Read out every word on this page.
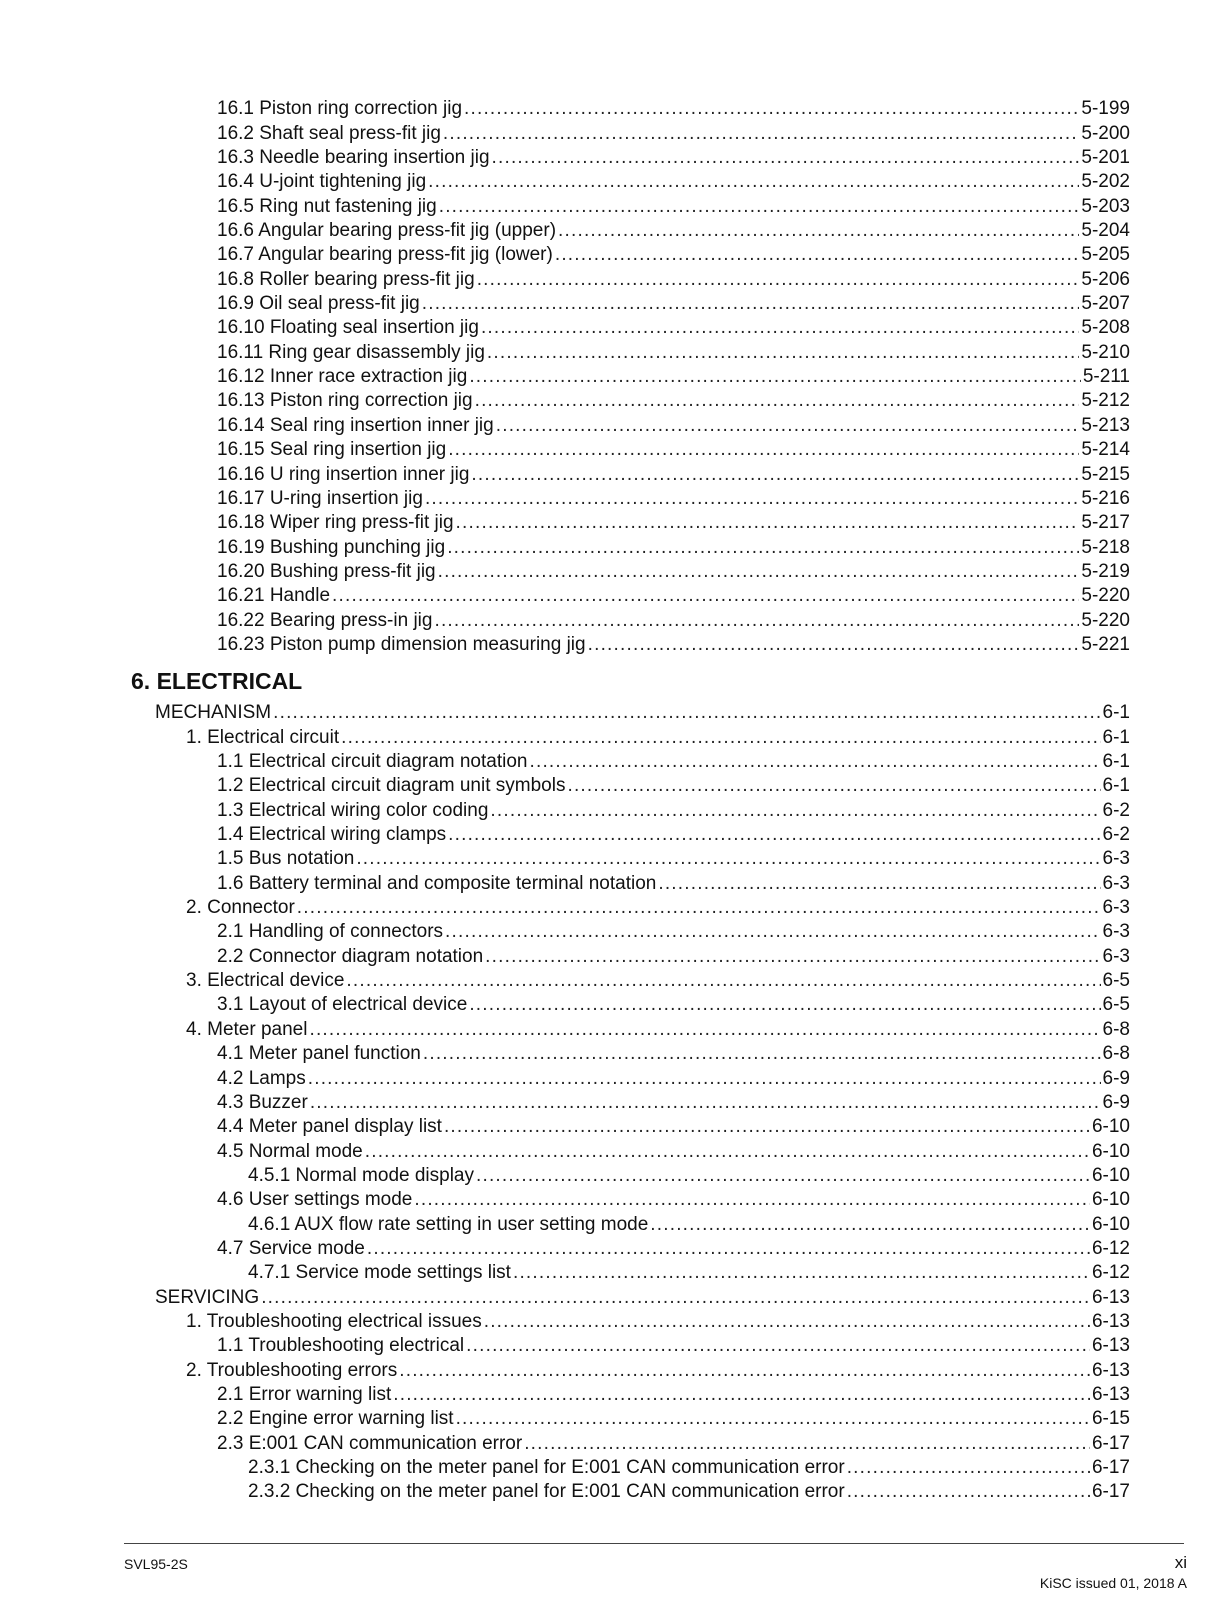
16.1 Piston ring correction jig .....	5-199
16.2 Shaft seal press-fit jig .....	5-200
16.3 Needle bearing insertion jig .....	5-201
16.4 U-joint tightening jig .....	5-202
16.5 Ring nut fastening jig .....	5-203
16.6 Angular bearing press-fit jig (upper) .....	5-204
16.7 Angular bearing press-fit jig (lower) .....	5-205
16.8 Roller bearing press-fit jig .....	5-206
16.9 Oil seal press-fit jig .....	5-207
16.10 Floating seal insertion jig .....	5-208
16.11 Ring gear disassembly jig .....	5-210
16.12 Inner race extraction jig .....	5-211
16.13 Piston ring correction jig .....	5-212
16.14 Seal ring insertion inner jig .....	5-213
16.15 Seal ring insertion jig .....	5-214
16.16 U ring insertion inner jig .....	5-215
16.17 U-ring insertion jig .....	5-216
16.18 Wiper ring press-fit jig .....	5-217
16.19 Bushing punching jig .....	5-218
16.20 Bushing press-fit jig .....	5-219
16.21 Handle .....	5-220
16.22 Bearing press-in jig .....	5-220
16.23 Piston pump dimension measuring jig .....	5-221
6. ELECTRICAL
MECHANISM .....	6-1
1. Electrical circuit .....	6-1
1.1 Electrical circuit diagram notation .....	6-1
1.2 Electrical circuit diagram unit symbols .....	6-1
1.3 Electrical wiring color coding .....	6-2
1.4 Electrical wiring clamps .....	6-2
1.5 Bus notation .....	6-3
1.6 Battery terminal and composite terminal notation .....	6-3
2. Connector .....	6-3
2.1 Handling of connectors .....	6-3
2.2 Connector diagram notation .....	6-3
3. Electrical device .....	6-5
3.1 Layout of electrical device .....	6-5
4. Meter panel .....	6-8
4.1 Meter panel function .....	6-8
4.2 Lamps .....	6-9
4.3 Buzzer .....	6-9
4.4 Meter panel display list .....	6-10
4.5 Normal mode .....	6-10
4.5.1 Normal mode display .....	6-10
4.6 User settings mode .....	6-10
4.6.1 AUX flow rate setting in user setting mode .....	6-10
4.7 Service mode .....	6-12
4.7.1 Service mode settings list .....	6-12
SERVICING .....	6-13
1. Troubleshooting electrical issues .....	6-13
1.1 Troubleshooting electrical .....	6-13
2. Troubleshooting errors .....	6-13
2.1 Error warning list .....	6-13
2.2 Engine error warning list .....	6-15
2.3 E:001 CAN communication error .....	6-17
2.3.1 Checking on the meter panel for E:001 CAN communication error .....	6-17
2.3.2 Checking on the meter panel for E:001 CAN communication error .....	6-17
SVL95-2S	xi
KiSC issued 01, 2018 A
